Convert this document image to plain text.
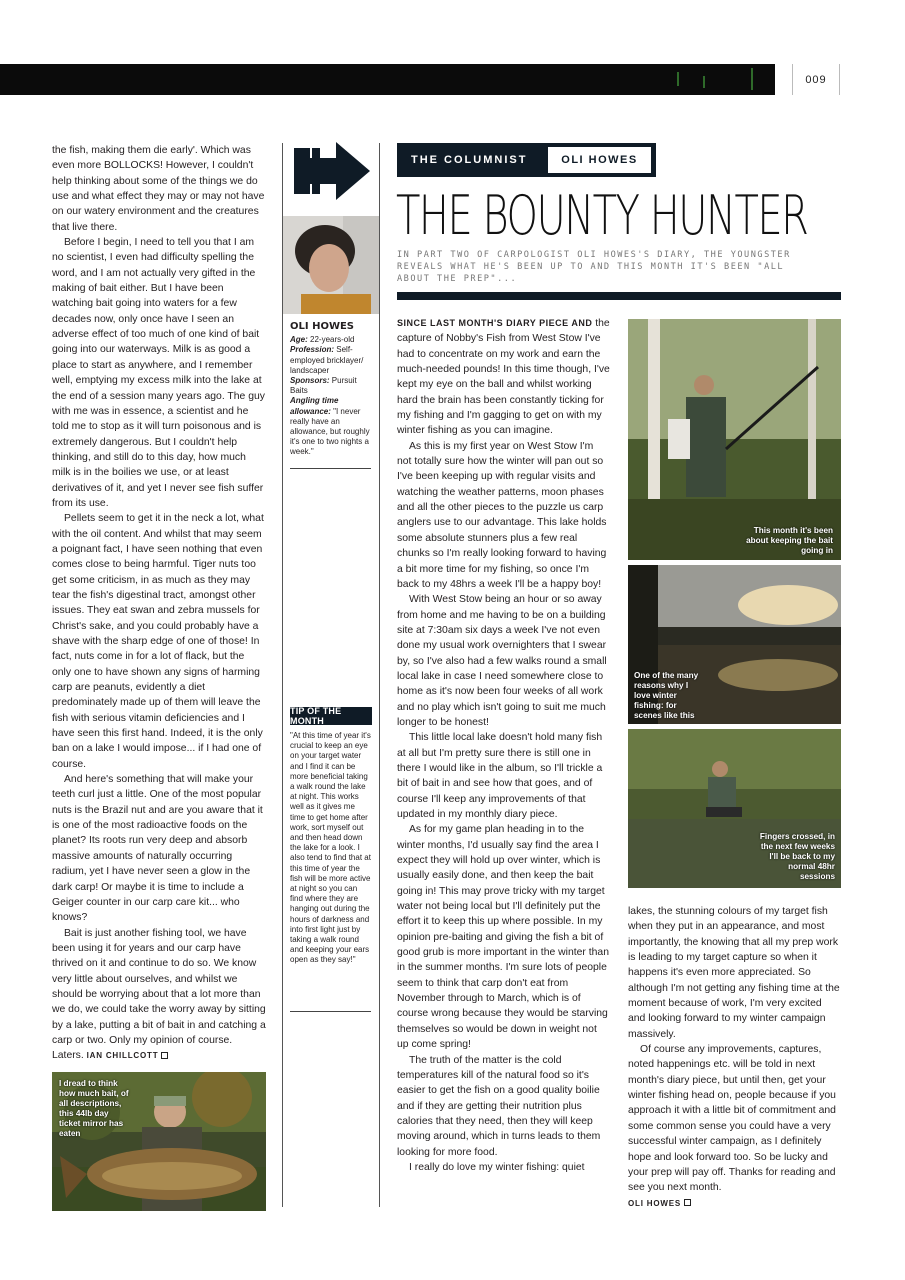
009

the fish, making them die early'. Which was even more BOLLOCKS! However, I couldn't help thinking about some of the things we do use and what effect they may or may not have on our watery environment and the creatures that live there.

Before I begin, I need to tell you that I am no scientist, I even had difficulty spelling the word, and I am not actually very gifted in the making of bait either. But I have been watching bait going into waters for a few decades now, only once have I seen an adverse effect of too much of one kind of bait going into our waterways. Milk is as good a place to start as anywhere, and I remember well, emptying my excess milk into the lake at the end of a session many years ago. The guy with me was in essence, a scientist and he told me to stop as it will turn poisonous and is extremely dangerous. But I couldn't help thinking, and still do to this day, how much milk is in the boilies we use, or at least derivatives of it, and yet I never see fish suffer from its use.

Pellets seem to get it in the neck a lot, what with the oil content. And whilst that may seem a poignant fact, I have seen nothing that even comes close to being harmful. Tiger nuts too get some criticism, in as much as they may tear the fish's digestinal tract, amongst other issues. They eat swan and zebra mussels for Christ's sake, and you could probably have a shave with the sharp edge of one of those! In fact, nuts come in for a lot of flack, but the only one to have shown any signs of harming carp are peanuts, evidently a diet predominately made up of them will leave the fish with serious vitamin deficiencies and I have seen this first hand. Indeed, it is the only ban on a lake I would impose... if I had one of course.

And here's something that will make your teeth curl just a little. One of the most popular nuts is the Brazil nut and are you aware that it is one of the most radioactive foods on the planet? Its roots run very deep and absorb massive amounts of naturally occurring radium, yet I have never seen a glow in the dark carp! Or maybe it is time to include a Geiger counter in our carp care kit... who knows?

Bait is just another fishing tool, we have been using it for years and our carp have thrived on it and continue to do so. We know very little about ourselves, and whilst we should be worrying about that a lot more than we do, we could take the worry away by sitting by a lake, putting a bit of bait in and catching a carp or two. Only my opinion of course. Laters. IAN CHILLCOTT

I dread to think how much bait, of all descriptions, this 44lb day ticket mirror has eaten
OLI HOWES
Age: 22-years-old
Profession: Self-employed bricklayer/ landscaper
Sponsors: Pursuit Baits
Angling time allowance: "I never really have an allowance, but roughly it's one to two nights a week."
TIP OF THE MONTH
"At this time of year it's crucial to keep an eye on your target water and I find it can be more beneficial taking a walk round the lake at night. This works well as it gives me time to get home after work, sort myself out and then head down the lake for a look. I also tend to find that at this time of year the fish will be more active at night so you can find where they are hanging out during the hours of darkness and into first light just by taking a walk round and keeping your ears open as they say!"
THE COLUMNIST	OLI HOWES
THE BOUNTY HUNTER
IN PART TWO OF CARPOLOGIST OLI HOWES'S DIARY, THE YOUNGSTER REVEALS WHAT HE'S BEEN UP TO AND THIS MONTH IT'S BEEN "ALL ABOUT THE PREP"...

SINCE LAST MONTH'S DIARY PIECE AND the capture of Nobby's Fish from West Stow I've had to concentrate on my work and earn the much-needed pounds! In this time though, I've kept my eye on the ball and whilst working hard the brain has been constantly ticking for my fishing and I'm gagging to get on with my winter fishing as you can imagine.

As this is my first year on West Stow I'm not totally sure how the winter will pan out so I've been keeping up with regular visits and watching the weather patterns, moon phases and all the other pieces to the puzzle us carp anglers use to our advantage. This lake holds some absolute stunners plus a few real chunks so I'm really looking forward to having a bit more time for my fishing, so once I'm back to my 48hrs a week I'll be a happy boy!

With West Stow being an hour or so away from home and me having to be on a building site at 7:30am six days a week I've not even done my usual work overnighters that I swear by, so I've also had a few walks round a small local lake in case I need somewhere close to home as it's now been four weeks of all work and no play which isn't going to suit me much longer to be honest!

This little local lake doesn't hold many fish at all but I'm pretty sure there is still one in there I would like in the album, so I'll trickle a bit of bait in and see how that goes, and of course I'll keep any improvements of that updated in my monthly diary piece.

As for my game plan heading in to the winter months, I'd usually say find the area I expect they will hold up over winter, which is usually easily done, and then keep the bait going in! This may prove tricky with my target water not being local but I'll definitely put the effort it to keep this up where possible. In my opinion pre-baiting and giving the fish a bit of good grub is more important in the winter than in the summer months. I'm sure lots of people seem to think that carp don't eat from November through to March, which is of course wrong because they would be starving themselves so would be down in weight not up come spring!

The truth of the matter is the cold temperatures kill of the natural food so it's easier to get the fish on a good quality boilie and if they are getting their nutrition plus calories that they need, then they will keep moving around, which in turns leads to them looking for more food.

I really do love my winter fishing: quiet

This month it's been about keeping the bait going in
One of the many reasons why I love winter fishing: for scenes like this
Fingers crossed, in the next few weeks I'll be back to my normal 48hr sessions

lakes, the stunning colours of my target fish when they put in an appearance, and most importantly, the knowing that all my prep work is leading to my target capture so when it happens it's even more appreciated. So although I'm not getting any fishing time at the moment because of work, I'm very excited and looking forward to my winter campaign massively.

Of course any improvements, captures, noted happenings etc. will be told in next month's diary piece, but until then, get your winter fishing head on, people because if you approach it with a little bit of commitment and some common sense you could have a very successful winter campaign, as I definitely hope and look forward too. So be lucky and your prep will pay off. Thanks for reading and see you next month.

OLI HOWES
